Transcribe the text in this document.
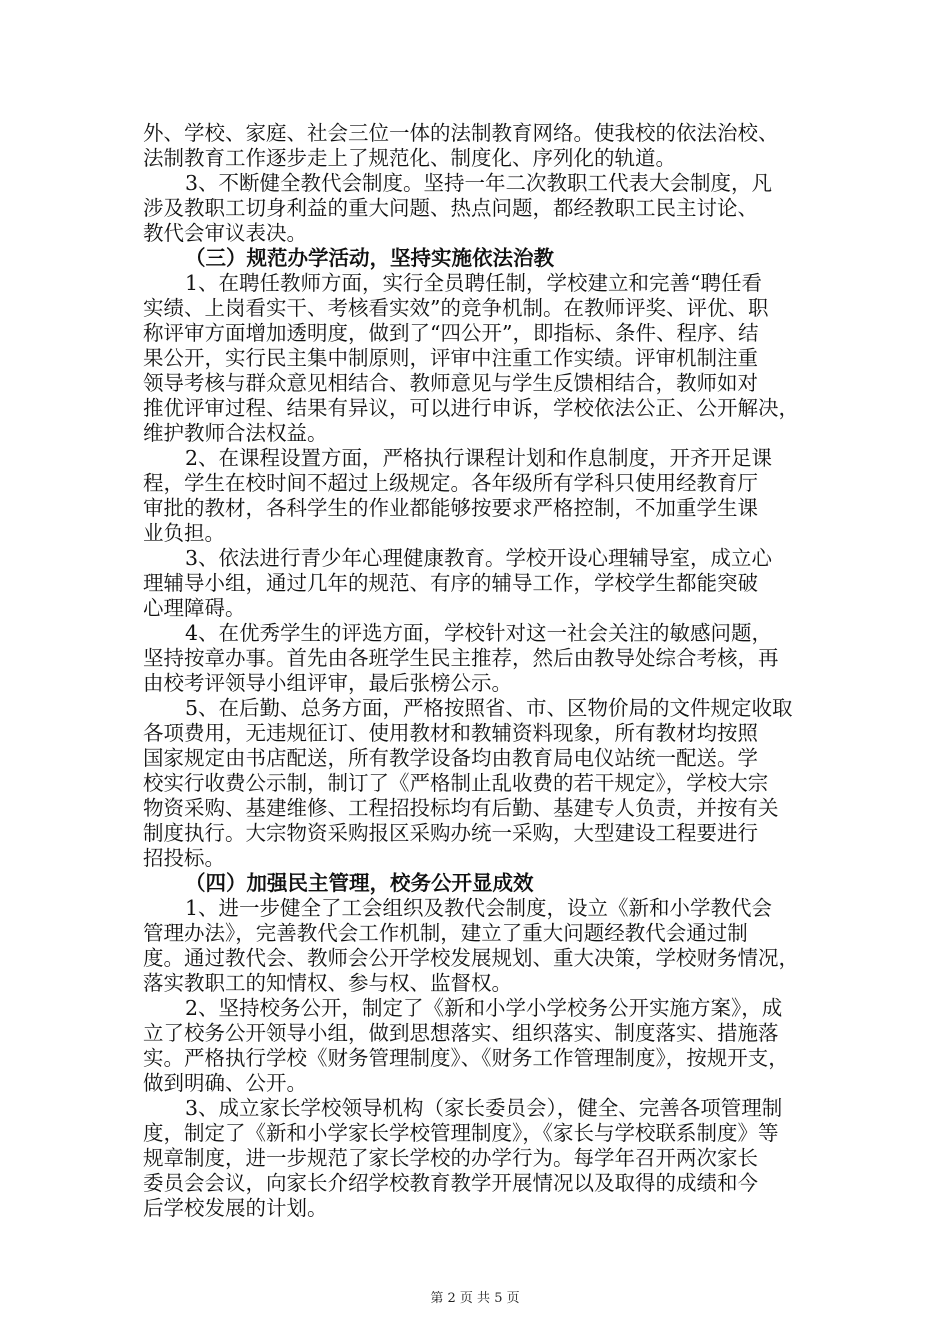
外、学校、家庭、社会三位一体的法制教育网络。使我校的依法治校、
法制教育工作逐步走上了规范化、制度化、序列化的轨道。
3、不断健全教代会制度。坚持一年二次教职工代表大会制度，凡
涉及教职工切身利益的重大问题、热点问题，都经教职工民主讨论、
教代会审议表决。
（三）规范办学活动，坚持实施依法治教
1、在聘任教师方面，实行全员聘任制，学校建立和完善“聘任看
实绩、上岗看实干、考核看实效”的竞争机制。在教师评奖、评优、职
称评审方面增加透明度，做到了“四公开”，即指标、条件、程序、结
果公开，实行民主集中制原则，评审中注重工作实绩。评审机制注重
领导考核与群众意见相结合、教师意见与学生反馈相结合，教师如对
推优评审过程、结果有异议，可以进行申诉，学校依法公正、公开解决，
维护教师合法权益。
2、在课程设置方面，严格执行课程计划和作息制度，开齐开足课
程，学生在校时间不超过上级规定。各年级所有学科只使用经教育厅
审批的教材，各科学生的作业都能够按要求严格控制，不加重学生课
业负担。
3、依法进行青少年心理健康教育。学校开设心理辅导室，成立心
理辅导小组，通过几年的规范、有序的辅导工作，学校学生都能突破
心理障碍。
4、在优秀学生的评选方面，学校针对这一社会关注的敏感问题，
坚持按章办事。首先由各班学生民主推荐，然后由教导处综合考核，再
由校考评领导小组评审，最后张榜公示。
5、在后勤、总务方面，严格按照省、市、区物价局的文件规定收取
各项费用，无违规征订、使用教材和教辅资料现象，所有教材均按照
国家规定由书店配送，所有教学设备均由教育局电仪站统一配送。学
校实行收费公示制，制订了《严格制止乱收费的若干规定》，学校大宗
物资采购、基建维修、工程招投标均有后勤、基建专人负责，并按有关
制度执行。大宗物资采购报区采购办统一采购，大型建设工程要进行
招投标。
（四）加强民主管理，校务公开显成效
1、进一步健全了工会组织及教代会制度，设立《新和小学教代会
管理办法》，完善教代会工作机制，建立了重大问题经教代会通过制
度。通过教代会、教师会公开学校发展规划、重大决策，学校财务情况，
落实教职工的知情权、参与权、监督权。
2、坚持校务公开，制定了《新和小学小学校务公开实施方案》，成
立了校务公开领导小组，做到思想落实、组织落实、制度落实、措施落
实。严格执行学校《财务管理制度》、《财务工作管理制度》，按规开支，
做到明确、公开。
3、成立家长学校领导机构（家长委员会），健全、完善各项管理制
度，制定了《新和小学家长学校管理制度》，《家长与学校联系制度》等
规章制度，进一步规范了家长学校的办学行为。每学年召开两次家长
委员会会议，向家长介绍学校教育教学开展情况以及取得的成绩和今
后学校发展的计划。
第 2 页 共 5 页
